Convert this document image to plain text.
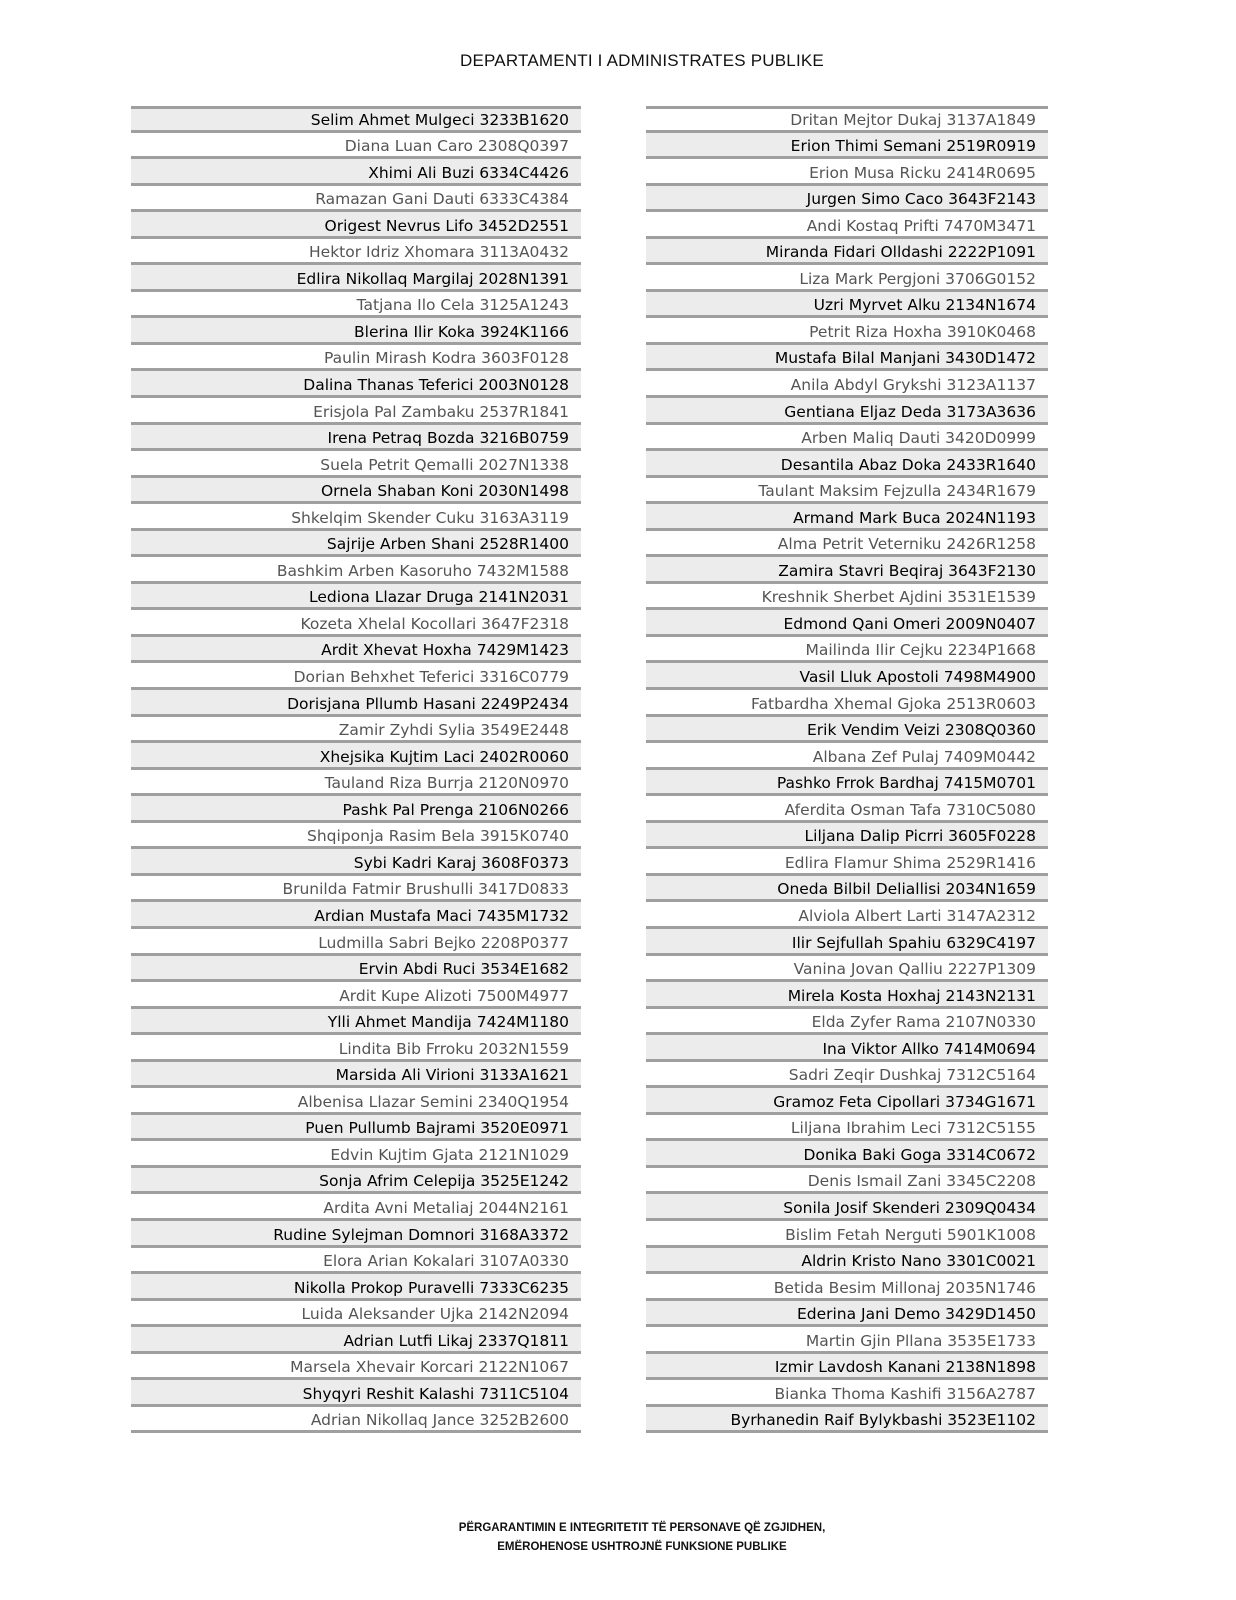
DEPARTAMENTI I ADMINISTRATES PUBLIKE
Selim Ahmet Mulgeci 3233B1620
Diana Luan Caro 2308Q0397
Xhimi Ali Buzi 6334C4426
Ramazan Gani Dauti 6333C4384
Origest Nevrus Lifo 3452D2551
Hektor Idriz Xhomara 3113A0432
Edlira Nikollaq Margilaj 2028N1391
Tatjana Ilo Cela 3125A1243
Blerina Ilir Koka 3924K1166
Paulin Mirash Kodra 3603F0128
Dalina Thanas Teferici 2003N0128
Erisjola Pal Zambaku 2537R1841
Irena Petraq Bozda 3216B0759
Suela Petrit Qemalli 2027N1338
Ornela Shaban Koni 2030N1498
Shkelqim Skender Cuku 3163A3119
Sajrije Arben Shani 2528R1400
Bashkim Arben Kasoruho 7432M1588
Lediona Llazar Druga 2141N2031
Kozeta Xhelal Kocollari 3647F2318
Ardit Xhevat Hoxha 7429M1423
Dorian Behxhet Teferici 3316C0779
Dorisjana Pllumb Hasani 2249P2434
Zamir Zyhdi Sylia 3549E2448
Xhejsika Kujtim Laci 2402R0060
Tauland Riza Burrja 2120N0970
Pashk Pal Prenga 2106N0266
Shqiponja Rasim Bela 3915K0740
Sybi Kadri Karaj 3608F0373
Brunilda Fatmir Brushulli 3417D0833
Ardian Mustafa Maci 7435M1732
Ludmilla Sabri Bejko 2208P0377
Ervin Abdi Ruci 3534E1682
Ardit Kupe Alizoti 7500M4977
Ylli Ahmet Mandija 7424M1180
Lindita Bib Frroku 2032N1559
Marsida Ali Virioni 3133A1621
Albenisa Llazar Semini 2340Q1954
Puen Pullumb Bajrami 3520E0971
Edvin Kujtim Gjata 2121N1029
Sonja Afrim Celepija 3525E1242
Ardita Avni Metaliaj 2044N2161
Rudine Sylejman Domnori 3168A3372
Elora Arian Kokalari 3107A0330
Nikolla Prokop Puravelli 7333C6235
Luida Aleksander Ujka 2142N2094
Adrian Lutfi Likaj 2337Q1811
Marsela Xhevair Korcari 2122N1067
Shyqyri Reshit Kalashi 7311C5104
Adrian Nikollaq Jance 3252B2600
Dritan Mejtor Dukaj 3137A1849
Erion Thimi Semani 2519R0919
Erion Musa Ricku 2414R0695
Jurgen Simo Caco 3643F2143
Andi Kostaq Prifti 7470M3471
Miranda Fidari Olldashi 2222P1091
Liza Mark Pergjoni 3706G0152
Uzri Myrvet Alku 2134N1674
Petrit Riza Hoxha 3910K0468
Mustafa Bilal Manjani 3430D1472
Anila Abdyl Grykshi 3123A1137
Gentiana Eljaz Deda 3173A3636
Arben Maliq Dauti 3420D0999
Desantila Abaz Doka 2433R1640
Taulant Maksim Fejzulla 2434R1679
Armand Mark Buca 2024N1193
Alma Petrit Veterniku 2426R1258
Zamira Stavri Beqiraj 3643F2130
Kreshnik Sherbet Ajdini 3531E1539
Edmond Qani Omeri 2009N0407
Mailinda Ilir Cejku 2234P1668
Vasil Lluk Apostoli 7498M4900
Fatbardha Xhemal Gjoka 2513R0603
Erik Vendim Veizi 2308Q0360
Albana Zef Pulaj 7409M0442
Pashko Frrok Bardhaj 7415M0701
Aferdita Osman Tafa 7310C5080
Liljana Dalip Picrri 3605F0228
Edlira Flamur Shima 2529R1416
Oneda Bilbil Deliallisi 2034N1659
Alviola Albert Larti 3147A2312
Ilir Sejfullah Spahiu 6329C4197
Vanina Jovan Qalliu 2227P1309
Mirela Kosta Hoxhaj 2143N2131
Elda Zyfer Rama 2107N0330
Ina Viktor Allko 7414M0694
Sadri Zeqir Dushkaj 7312C5164
Gramoz Feta Cipollari 3734G1671
Liljana Ibrahim Leci 7312C5155
Donika Baki Goga 3314C0672
Denis Ismail Zani 3345C2208
Sonila Josif Skenderi 2309Q0434
Bislim Fetah Nerguti 5901K1008
Aldrin Kristo Nano 3301C0021
Betida Besim Millonaj 2035N1746
Ederina Jani Demo 3429D1450
Martin Gjin Pllana 3535E1733
Izmir Lavdosh Kanani 2138N1898
Bianka Thoma Kashifi 3156A2787
Byrhanedin Raif Bylykbashi 3523E1102
PËRGARANTIMIN E INTEGRITETIT TË PERSONAVE QË ZGJIDHEN,
EMËROHENOSE USHTROJNË FUNKSIONE PUBLIKE
